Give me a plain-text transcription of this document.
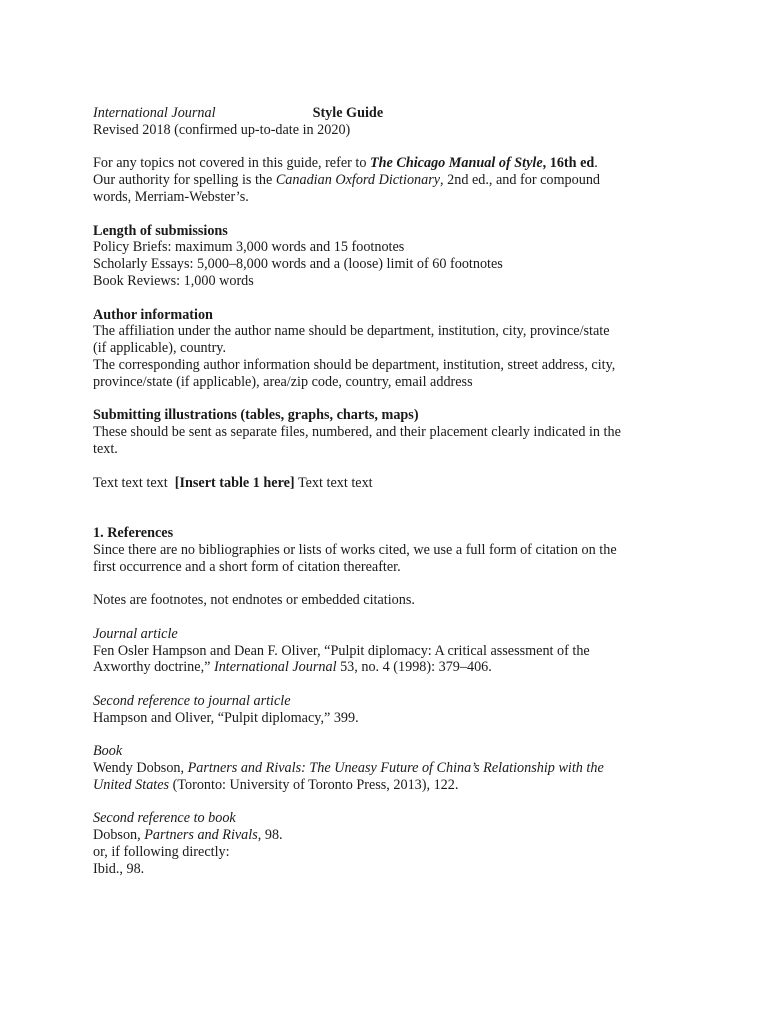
International Journal	Style Guide

Revised 2018 (confirmed up-to-date in 2020)

For any topics not covered in this guide, refer to The Chicago Manual of Style, 16th ed.
Our authority for spelling is the Canadian Oxford Dictionary, 2nd ed., and for compound
words, Merriam-Webster’s.

Length of submissions

Policy Briefs: maximum 3,000 words and 15 footnotes

Scholarly Essays: 5,000–8,000 words and a (loose) limit of 60 footnotes

Book Reviews: 1,000 words

Author information

The affiliation under the author name should be department, institution, city, province/state

(if applicable), country.

The corresponding author information should be department, institution, street address, city,

province/state (if applicable), area/zip code, country, email address

Submitting illustrations (tables, graphs, charts, maps)

These should be sent as separate files, numbered, and their placement clearly indicated in the

text.

Text text text  [Insert table 1 here] Text text text

1. References

Since there are no bibliographies or lists of works cited, we use a full form of citation on the

first occurrence and a short form of citation thereafter.

Notes are footnotes, not endnotes or embedded citations.

Journal article

Fen Osler Hampson and Dean F. Oliver, “Pulpit diplomacy: A critical assessment of the

Axworthy doctrine,” International Journal 53, no. 4 (1998): 379–406.

Second reference to journal article

Hampson and Oliver, “Pulpit diplomacy,” 399.

Book

Wendy Dobson, Partners and Rivals: The Uneasy Future of China’s Relationship with the

United States (Toronto: University of Toronto Press, 2013), 122.

Second reference to book

Dobson, Partners and Rivals, 98.

or, if following directly:

Ibid., 98.
